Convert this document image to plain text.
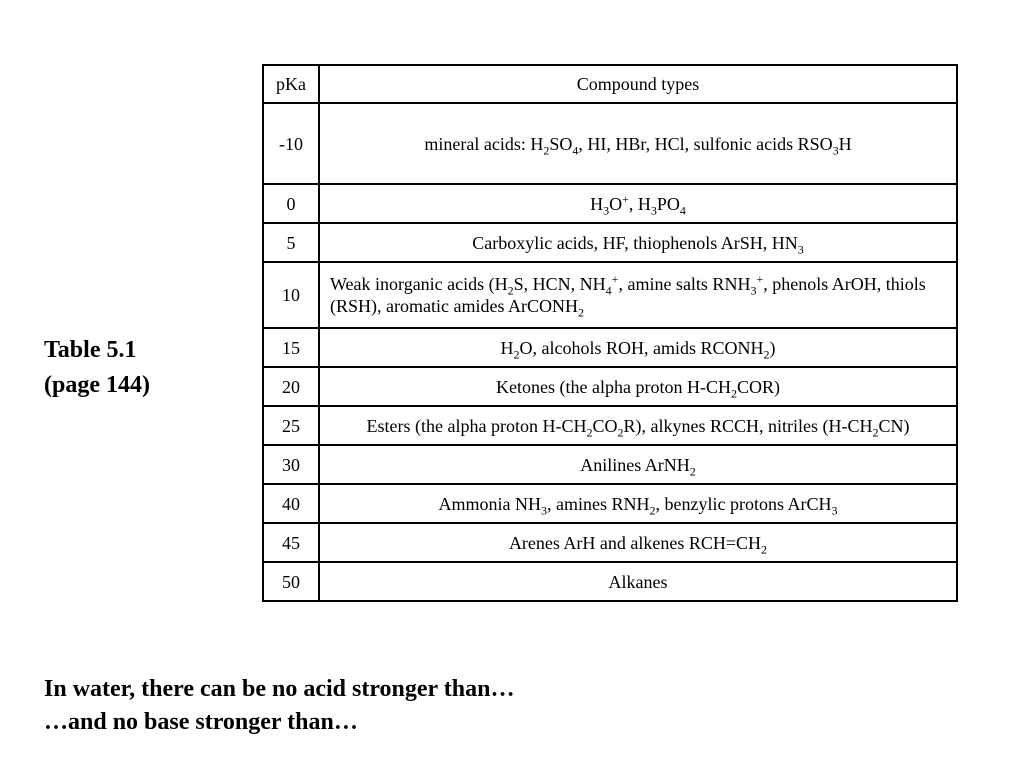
Table 5.1
(page 144)
pKa	Compound types
-10	mineral acids: $H_2SO_4$, HI, HBr, HCl, sulfonic acids $RSO_3H$
0	$H_3O^+$, $H_3PO_4$
5	Carboxylic acids, HF, thiophenols ArSH, $HN_3$
10	Weak inorganic acids ($H_2S$, HCN, $NH_4^+$, amine salts $RNH_3^+$, phenols ArOH, thiols (RSH), aromatic amides ArCONH$_2$
15	$H_2O$, alcohols ROH, amids $RCONH_2$)
20	Ketones (the alpha proton $H-CH_2COR$)
25	Esters (the alpha proton $H-CH_2CO_2R$), alkynes RCCH, nitriles $(H-CH_2CN)$
30	Anilines ArNH$_2$
40	Ammonia $NH_3$, amines $RNH_2$, benzylic protons ArCH$_3$
45	Arenes ArH and alkenes $RCH=CH_2$
50	Alkanes
In water, there can be no acid stronger than…
…and no base stronger than…
